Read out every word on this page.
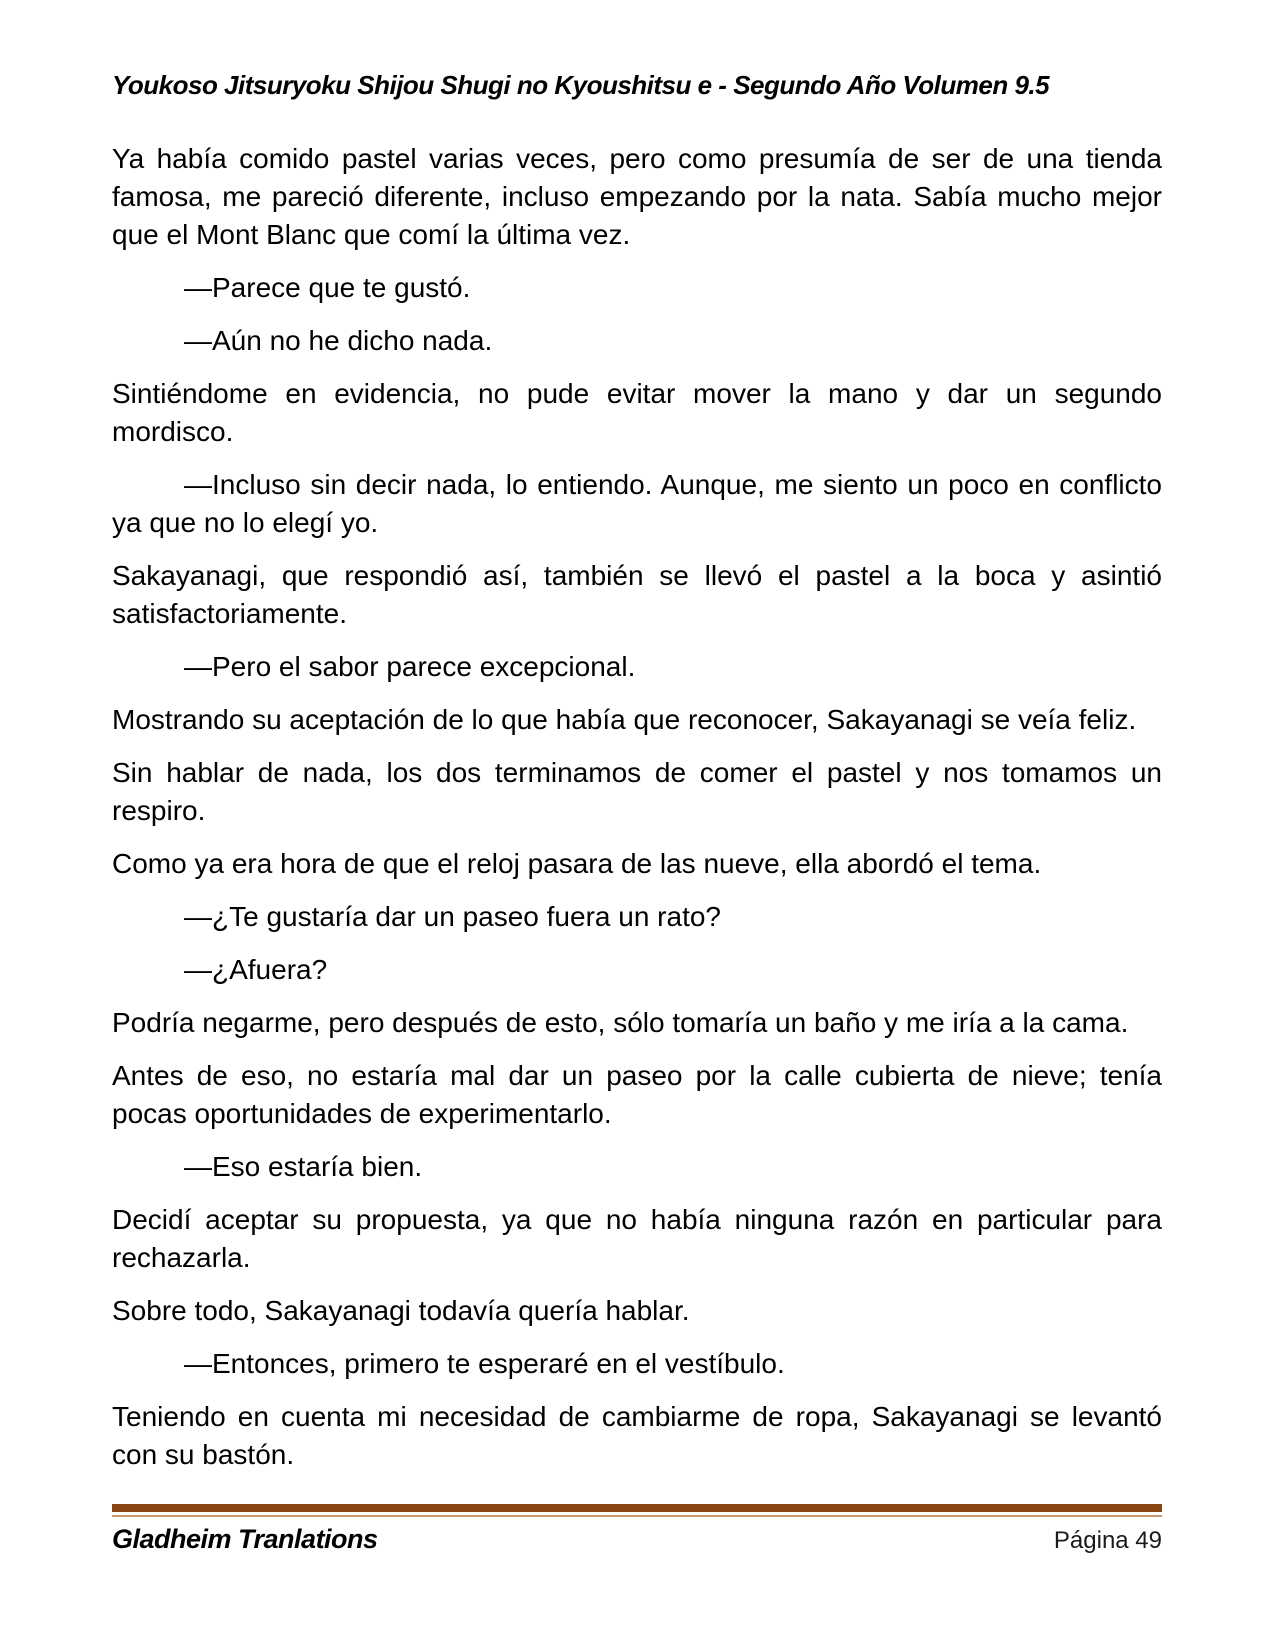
Youkoso Jitsuryoku Shijou Shugi no Kyoushitsu e - Segundo Año Volumen 9.5

Ya había comido pastel varias veces, pero como presumía de ser de una tienda famosa, me pareció diferente, incluso empezando por la nata. Sabía mucho mejor que el Mont Blanc que comí la última vez.

—Parece que te gustó.

—Aún no he dicho nada.

Sintiéndome en evidencia, no pude evitar mover la mano y dar un segundo mordisco.

—Incluso sin decir nada, lo entiendo. Aunque, me siento un poco en conflicto ya que no lo elegí yo.

Sakayanagi, que respondió así, también se llevó el pastel a la boca y asintió satisfactoriamente.

—Pero el sabor parece excepcional.

Mostrando su aceptación de lo que había que reconocer, Sakayanagi se veía feliz.

Sin hablar de nada, los dos terminamos de comer el pastel y nos tomamos un respiro.

Como ya era hora de que el reloj pasara de las nueve, ella abordó el tema.

—¿Te gustaría dar un paseo fuera un rato?

—¿Afuera?

Podría negarme, pero después de esto, sólo tomaría un baño y me iría a la cama.

Antes de eso, no estaría mal dar un paseo por la calle cubierta de nieve; tenía pocas oportunidades de experimentarlo.

—Eso estaría bien.

Decidí aceptar su propuesta, ya que no había ninguna razón en particular para rechazarla.

Sobre todo, Sakayanagi todavía quería hablar.

—Entonces, primero te esperaré en el vestíbulo.

Teniendo en cuenta mi necesidad de cambiarme de ropa, Sakayanagi se levantó con su bastón.

Gladheim Tranlations	Página 49
